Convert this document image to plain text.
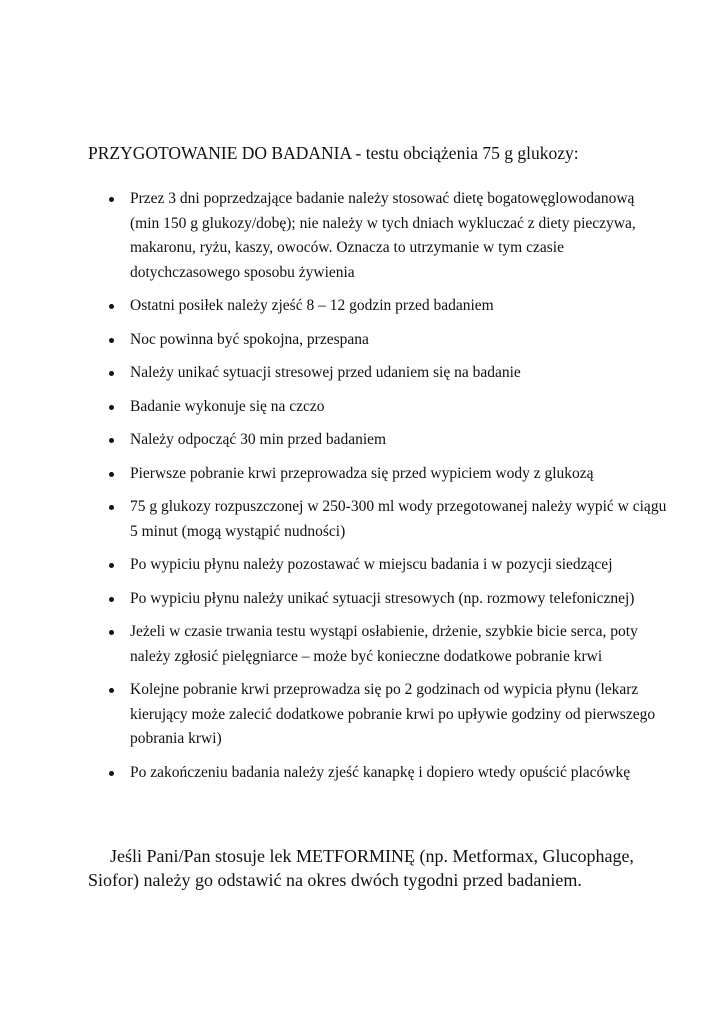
PRZYGOTOWANIE DO BADANIA - testu obciążenia 75 g glukozy:
Przez 3 dni poprzedzające badanie należy stosować dietę bogatowęglowodanową
(min 150 g glukozy/dobę); nie należy w tych dniach wykluczać z diety pieczywa,
makaronu, ryżu, kaszy, owoców. Oznacza to utrzymanie w tym czasie
dotychczasowego sposobu żywienia
Ostatni posiłek należy zjeść 8 – 12 godzin przed badaniem
Noc powinna być spokojna, przespana
Należy unikać sytuacji stresowej przed udaniem się na badanie
Badanie wykonuje się na czczo
Należy odpocząć 30 min przed badaniem
Pierwsze pobranie krwi przeprowadza się przed wypiciem wody z glukozą
75 g glukozy rozpuszczonej w 250-300 ml wody przegotowanej należy wypić w ciągu
5 minut (mogą wystąpić nudności)
Po wypiciu płynu należy pozostawać w miejscu badania i w pozycji siedzącej
Po wypiciu płynu należy unikać sytuacji stresowych (np. rozmowy telefonicznej)
Jeżeli w czasie trwania testu wystąpi osłabienie, drżenie, szybkie bicie serca, poty
należy zgłosić pielęgniarce – może być konieczne dodatkowe pobranie krwi
Kolejne pobranie krwi przeprowadza się po 2 godzinach od wypicia płynu (lekarz
kierujący może zalecić dodatkowe pobranie krwi po upływie godziny od pierwszego
pobrania krwi)
Po zakończeniu badania należy zjeść kanapkę i dopiero wtedy opuścić placówkę

Jeśli Pani/Pan stosuje lek METFORMINĘ (np. Metformax, Glucophage,
Siofor) należy go odstawić na okres dwóch tygodni przed badaniem.
